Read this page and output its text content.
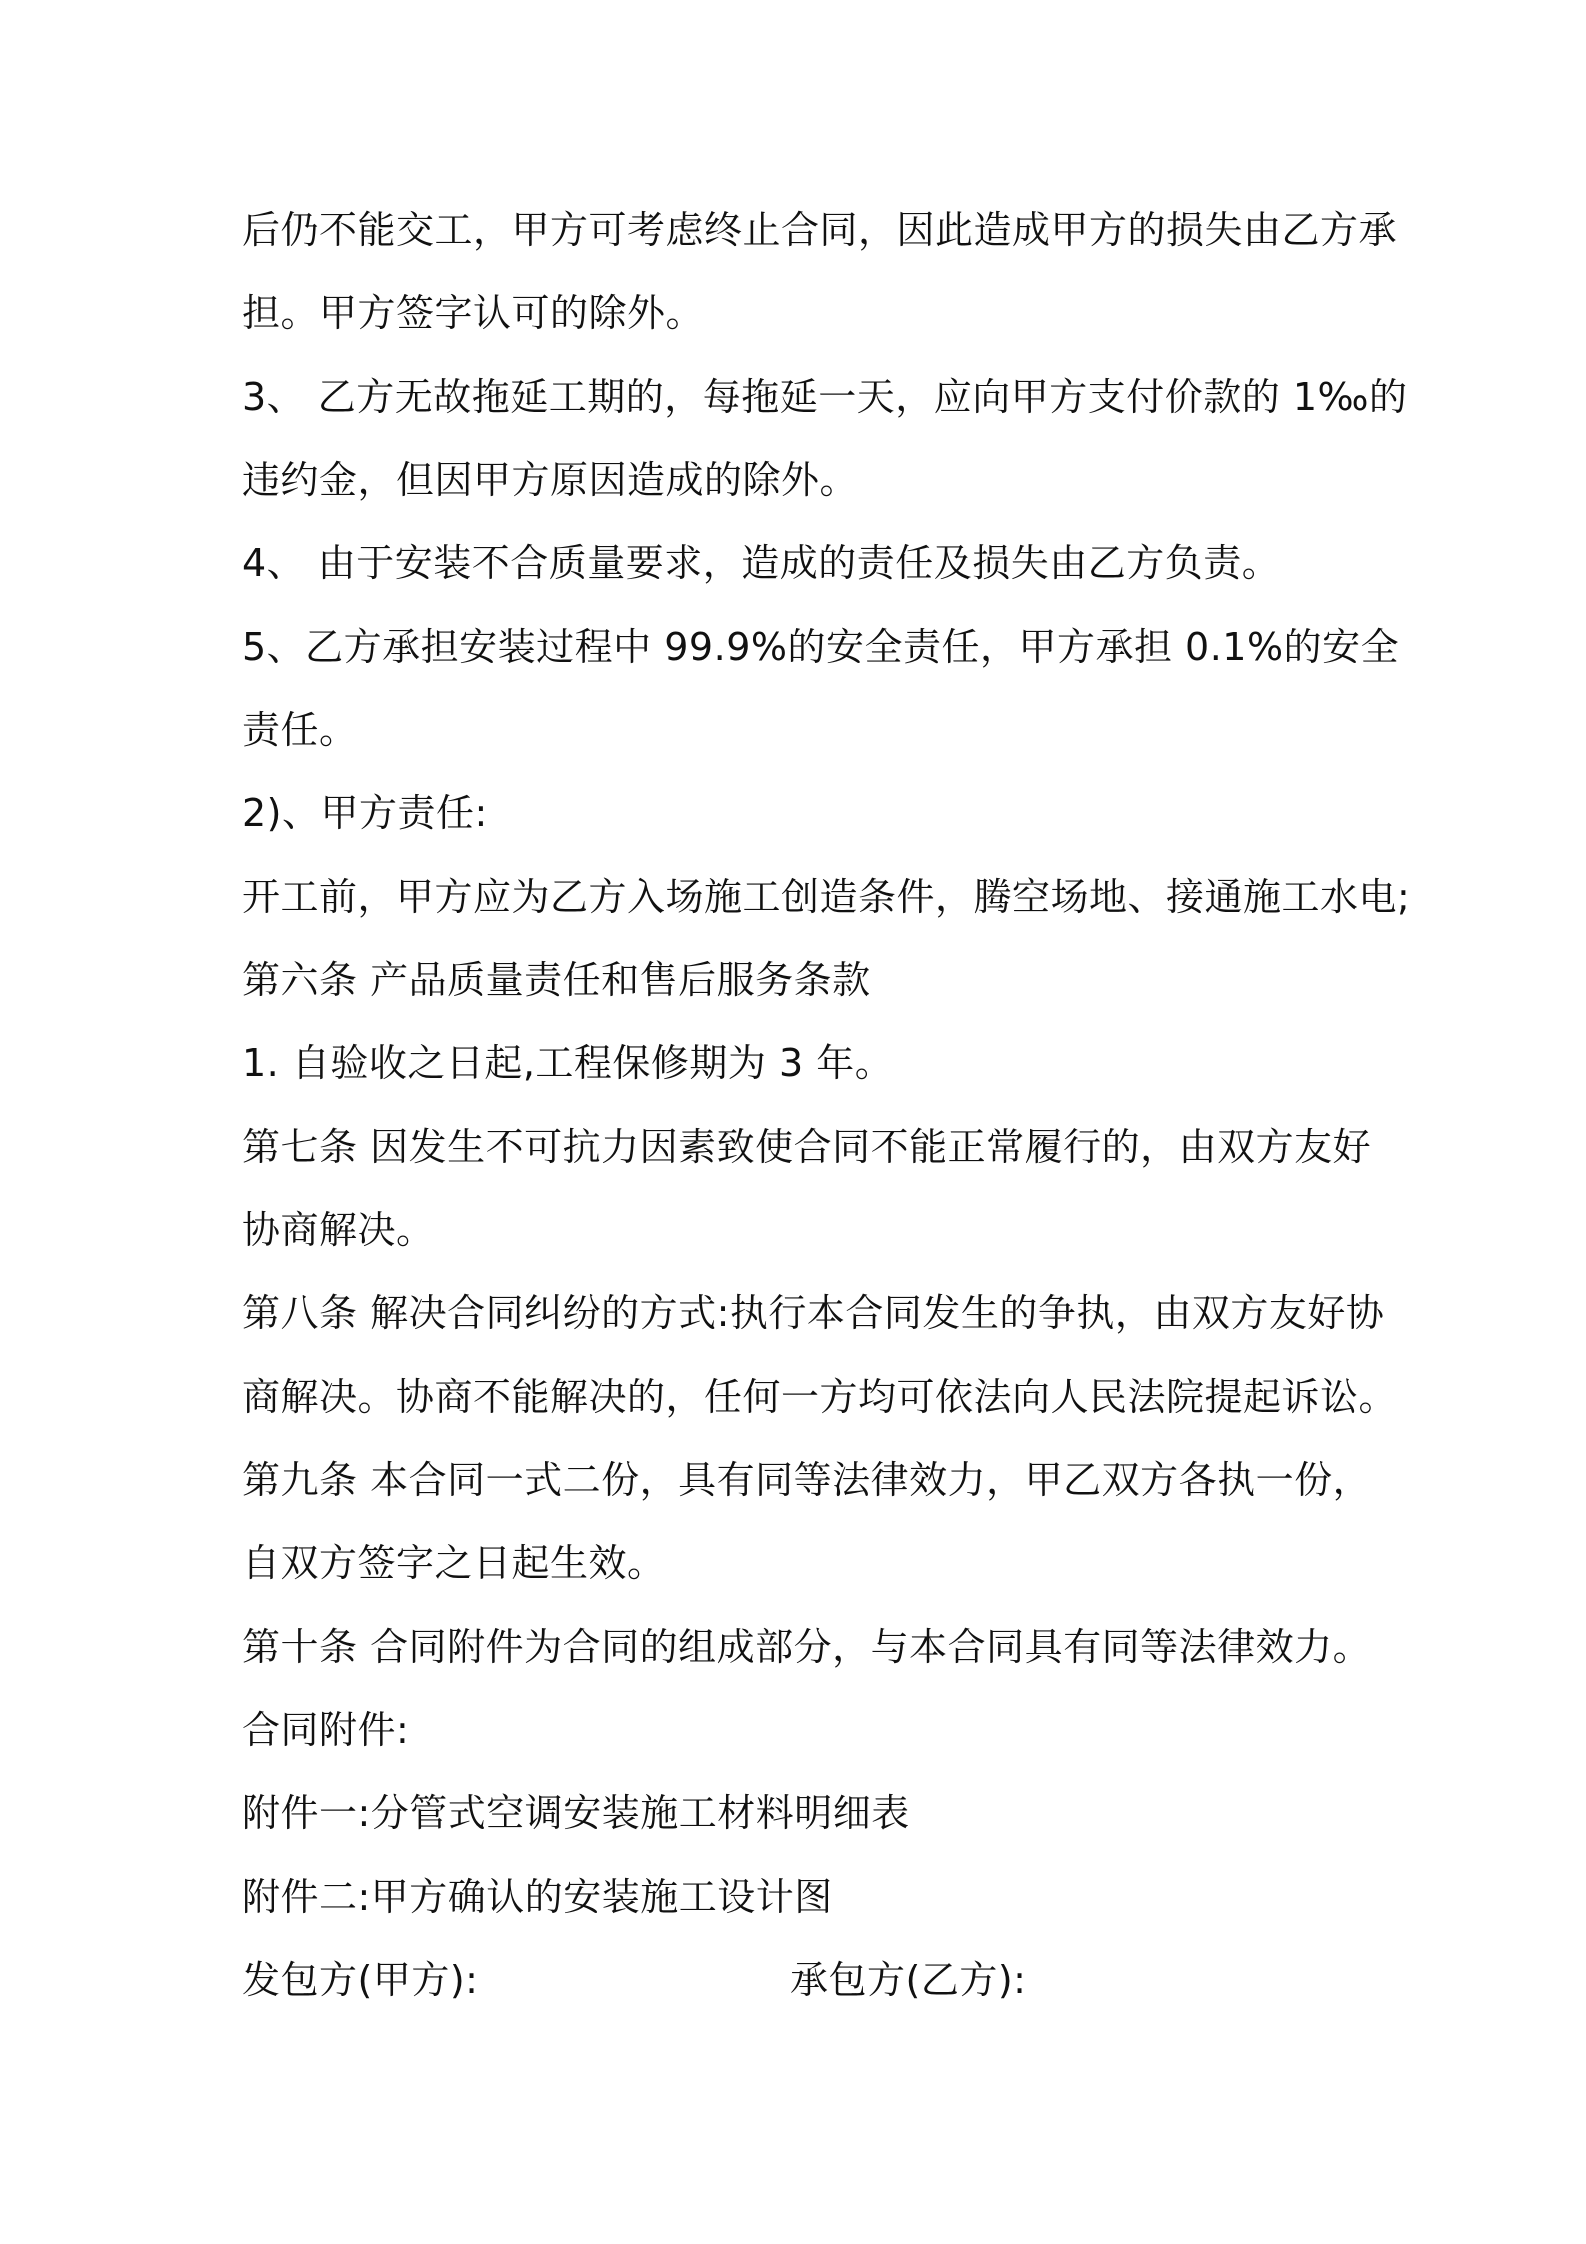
后仍不能交工，甲方可考虑终止合同，因此造成甲方的损失由乙方承
担。甲方签字认可的除外。
3、 乙方无故拖延工期的，每拖延一天，应向甲方支付价款的 1‰的
违约金，但因甲方原因造成的除外。
4、 由于安装不合质量要求，造成的责任及损失由乙方负责。
5、乙方承担安装过程中 99.9%的安全责任，甲方承担 0.1%的安全
责任。
2)、甲方责任:
开工前，甲方应为乙方入场施工创造条件，腾空场地、接通施工水电;
第六条 产品质量责任和售后服务条款
1. 自验收之日起,工程保修期为 3 年。
第七条 因发生不可抗力因素致使合同不能正常履行的，由双方友好
协商解决。
第八条 解决合同纠纷的方式:执行本合同发生的争执，由双方友好协
商解决。协商不能解决的，任何一方均可依法向人民法院提起诉讼。
第九条 本合同一式二份，具有同等法律效力，甲乙双方各执一份，
自双方签字之日起生效。
第十条 合同附件为合同的组成部分，与本合同具有同等法律效力。
合同附件:
附件一:分管式空调安装施工材料明细表
附件二:甲方确认的安装施工设计图
发包方(甲方):	承包方(乙方):
